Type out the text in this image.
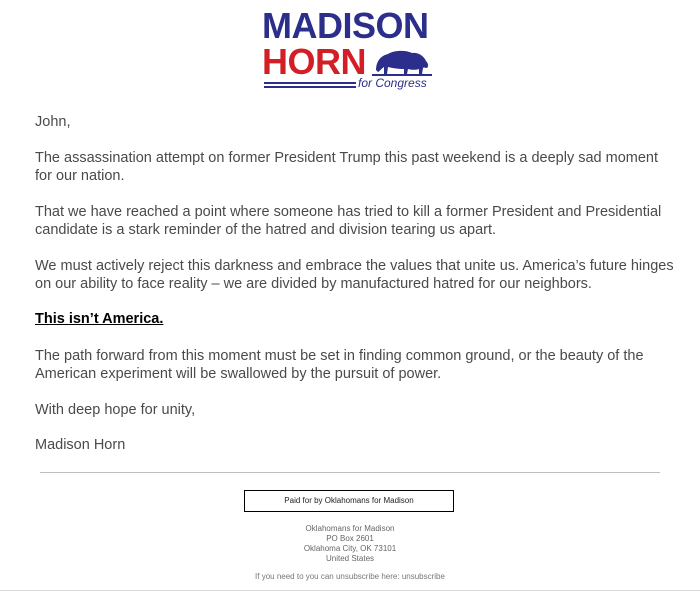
MADISON
HORN
for Congress
John,
The assassination attempt on former President Trump this past weekend is a deeply sad moment for our nation.
That we have reached a point where someone has tried to kill a former President and Presidential candidate is a stark reminder of the hatred and division tearing us apart.
We must actively reject this darkness and embrace the values that unite us. America’s future hinges on our ability to face reality – we are divided by manufactured hatred for our neighbors.
This isn’t America.
The path forward from this moment must be set in finding common ground, or the beauty of the American experiment will be swallowed by the pursuit of power.
With deep hope for unity,
Madison Horn
Paid for by Oklahomans for Madison
Oklahomans for Madison
PO Box 2601
Oklahoma City, OK 73101
United States
If you need to you can unsubscribe here: unsubscribe
